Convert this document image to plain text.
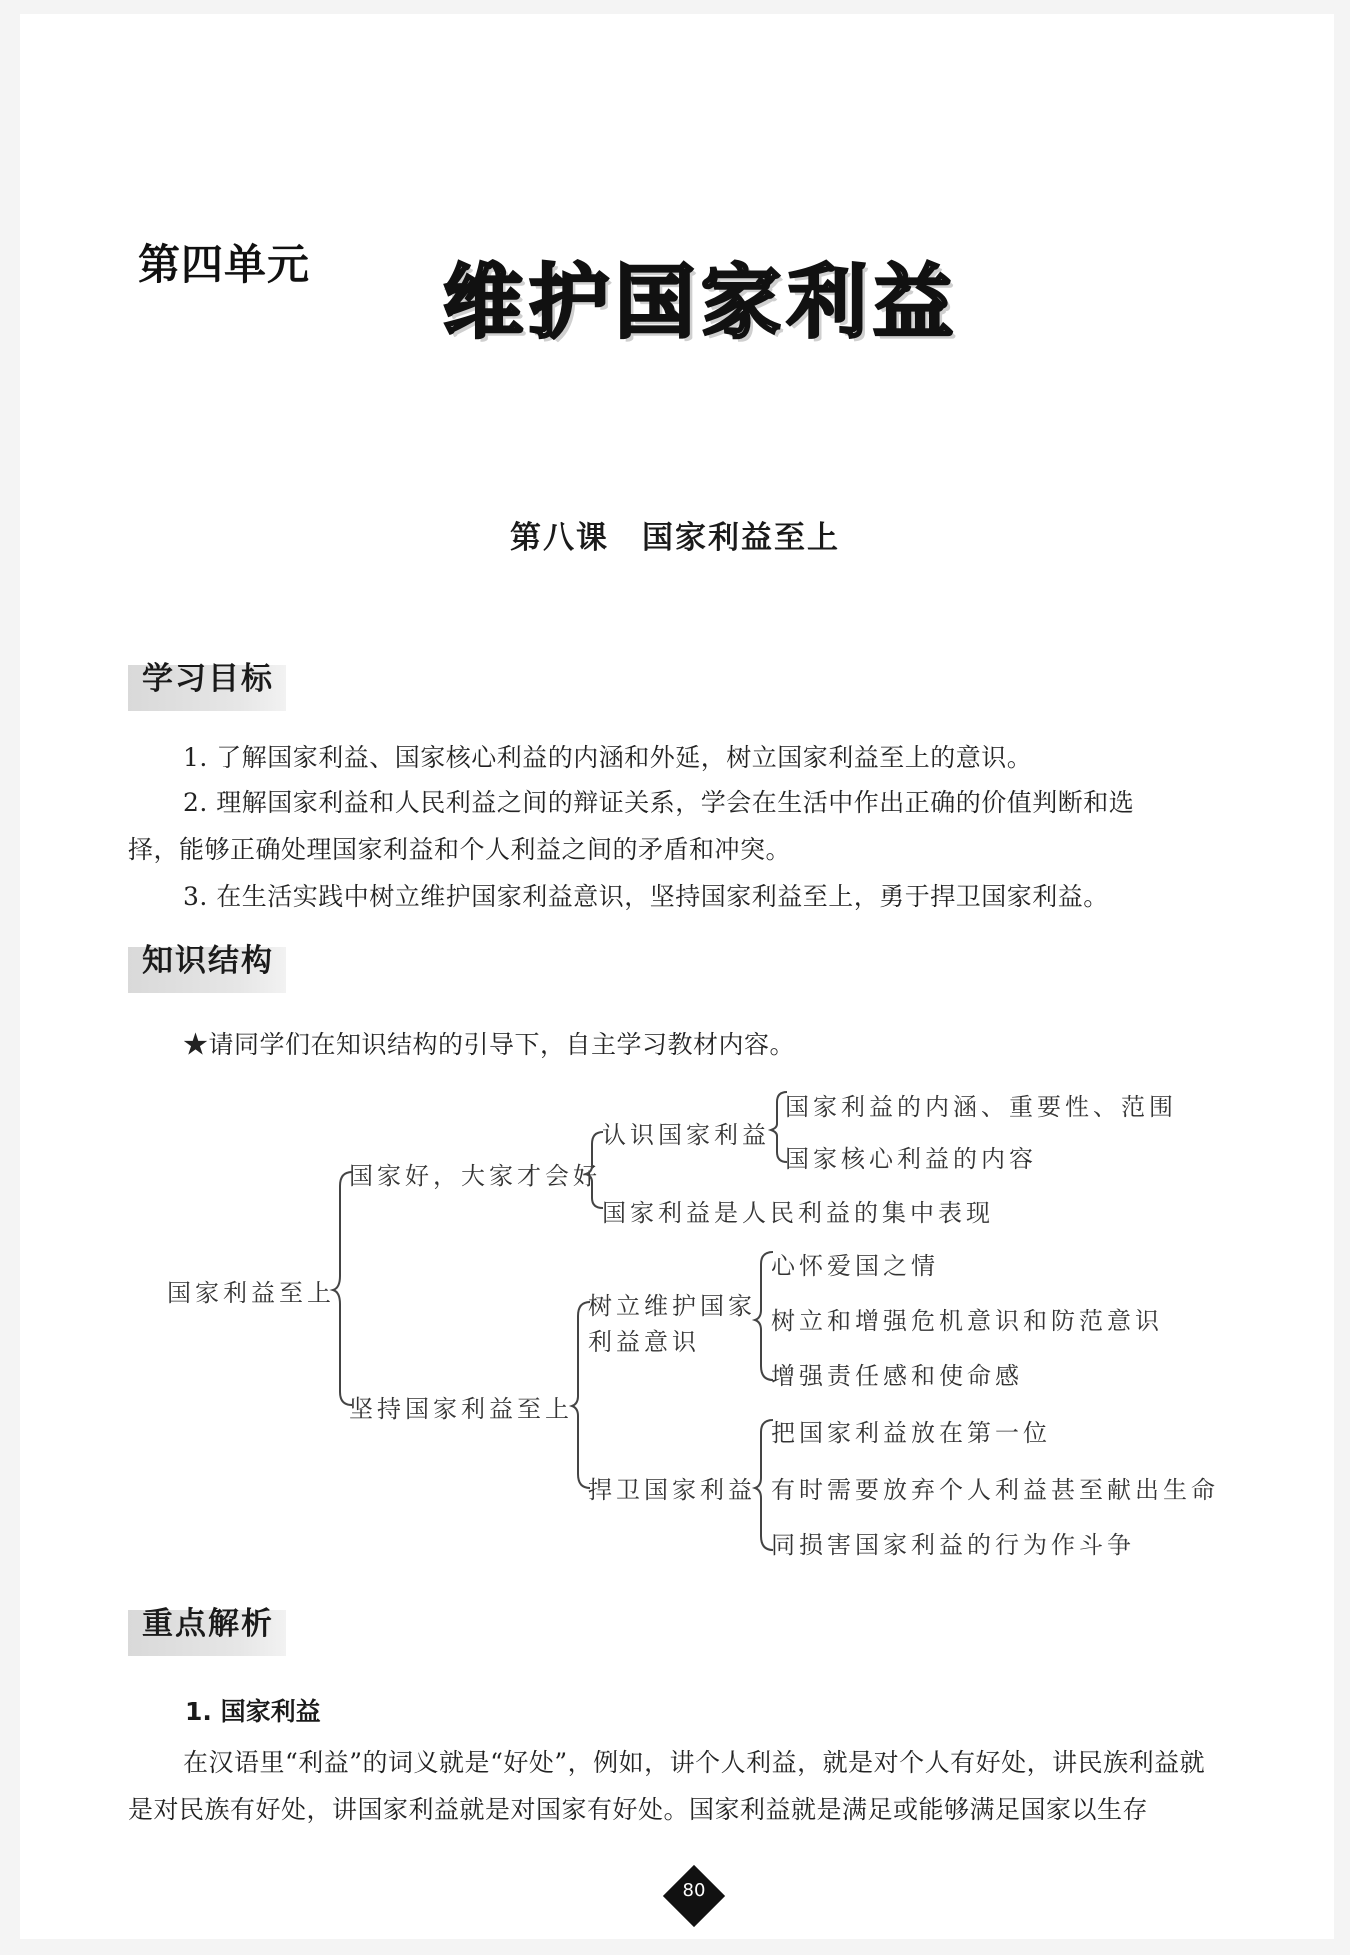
第四单元 维护国家利益
第八课　国家利益至上
学习目标
1. 了解国家利益、国家核心利益的内涵和外延，树立国家利益至上的意识。
2. 理解国家利益和人民利益之间的辩证关系，学会在生活中作出正确的价值判断和选
择，能够正确处理国家利益和个人利益之间的矛盾和冲突。
3. 在生活实践中树立维护国家利益意识，坚持国家利益至上，勇于捍卫国家利益。
知识结构
★请同学们在知识结构的引导下，自主学习教材内容。
国家利益至上
国家好，大家才会好
认识国家利益
国家利益的内涵、重要性、范围
国家核心利益的内容
国家利益是人民利益的集中表现
坚持国家利益至上
树立维护国家
利益意识
心怀爱国之情
树立和增强危机意识和防范意识
增强责任感和使命感
捍卫国家利益
把国家利益放在第一位
有时需要放弃个人利益甚至献出生命
同损害国家利益的行为作斗争
重点解析
1. 国家利益
在汉语里“利益”的词义就是“好处”，例如，讲个人利益，就是对个人有好处，讲民族利益就
是对民族有好处，讲国家利益就是对国家有好处。国家利益就是满足或能够满足国家以生存
80
